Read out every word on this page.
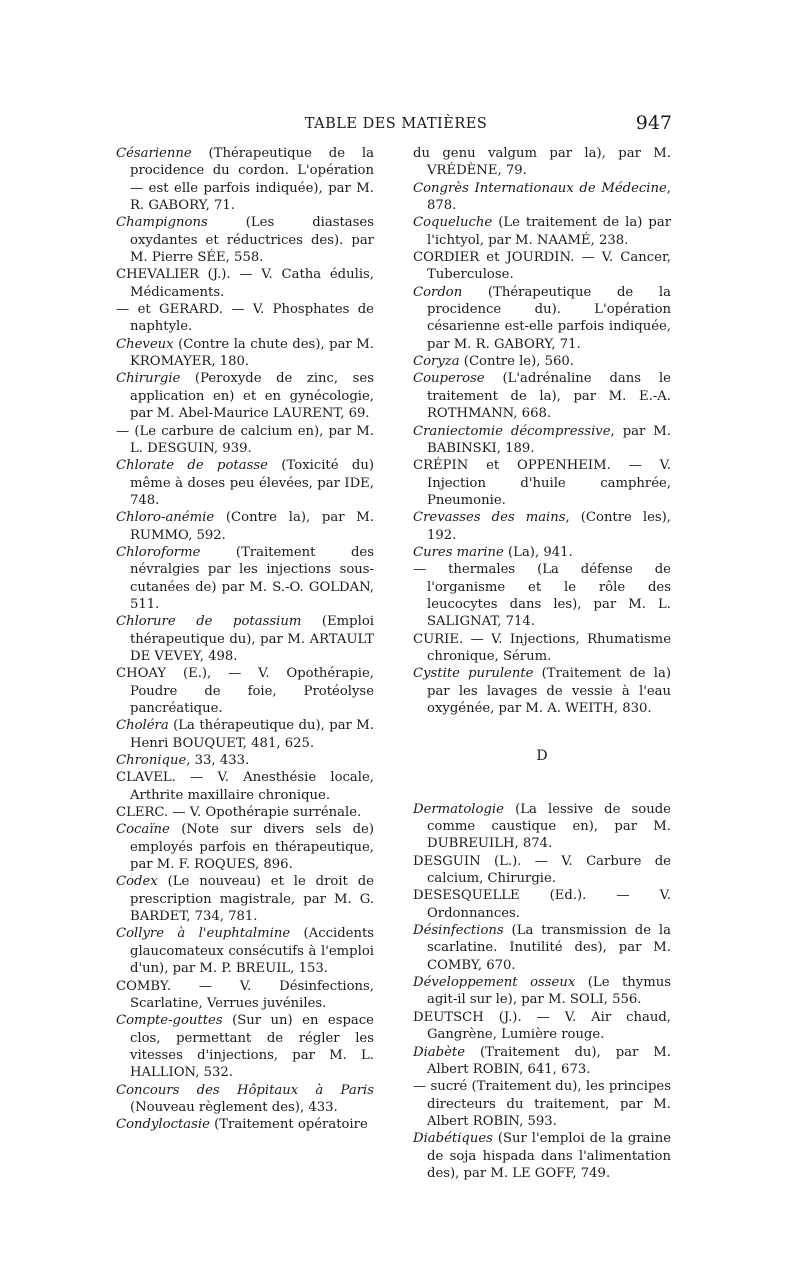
TABLE DES MATIÈRES	947
Césarienne (Thérapeutique de la procidence du cordon. L'opération — est elle parfois indiquée), par M. R. GABORY, 71.
Champignons (Les diastases oxydantes et réductrices des). par M. Pierre SÉE, 558.
CHEVALIER (J.). — V. Catha édulis, Médicaments.
— et GERARD. — V. Phosphates de naphtyle.
Cheveux (Contre la chute des), par M. KROMAYER, 180.
Chirurgie (Peroxyde de zinc, ses application en) et en gynécologie, par M. Abel-Maurice LAURENT, 69.
— (Le carbure de calcium en), par M. L. DESGUIN, 939.
Chlorate de potasse (Toxicité du) même à doses peu élevées, par IDE, 748.
Chloro-anémie (Contre la), par M. RUMMO, 592.
Chloroforme (Traitement des névralgies par les injections sous-cutanées de) par M. S.-O. GOLDAN, 511.
Chlorure de potassium (Emploi thérapeutique du), par M. ARTAULT DE VEVEY, 498.
CHOAY (E.), — V. Opothérapie, Poudre de foie, Protéolyse pancréatique.
Choléra (La thérapeutique du), par M. Henri BOUQUET, 481, 625.
Chronique, 33, 433.
CLAVEL. — V. Anesthésie locale, Arthrite maxillaire chronique.
CLERC. — V. Opothérapie surrénale.
Cocaïne (Note sur divers sels de) employés parfois en thérapeutique, par M. F. ROQUES, 896.
Codex (Le nouveau) et le droit de prescription magistrale, par M. G. BARDET, 734, 781.
Collyre à l'euphtalmine (Accidents glaucomateux consécutifs à l'emploi d'un), par M. P. BREUIL, 153.
COMBY. — V. Désinfections, Scarlatine, Verrues juvéniles.
Compte-gouttes (Sur un) en espace clos, permettant de régler les vitesses d'injections, par M. L. HALLION, 532.
Concours des Hôpitaux à Paris (Nouveau règlement des), 433.
Condyloctasie (Traitement opératoire
du genu valgum par la), par M. VRÉDÈNE, 79.
Congrès Internationaux de Médecine, 878.
Coqueluche (Le traitement de la) par l'ichtyol, par M. NAAMÉ, 238.
CORDIER et JOURDIN. — V. Cancer, Tuberculose.
Cordon (Thérapeutique de la procidence du). L'opération césarienne est-elle parfois indiquée, par M. R. GABORY, 71.
Coryza (Contre le), 560.
Couperose (L'adrénaline dans le traitement de la), par M. E.-A. ROTHMANN, 668.
Craniectomie décompressive, par M. BABINSKI, 189.
CRÉPIN et OPPENHEIM. — V. Injection d'huile camphrée, Pneumonie.
Crevasses des mains, (Contre les), 192.
Cures marine (La), 941.
— thermales (La défense de l'organisme et le rôle des leucocytes dans les), par M. L. SALIGNAT, 714.
CURIE. — V. Injections, Rhumatisme chronique, Sérum.
Cystite purulente (Traitement de la) par les lavages de vessie à l'eau oxygénée, par M. A. WEITH, 830.
D
Dermatologie (La lessive de soude comme caustique en), par M. DUBREUILH, 874.
DESGUIN (L.). — V. Carbure de calcium, Chirurgie.
DESESQUELLE (Ed.). — V. Ordonnances.
Désinfections (La transmission de la scarlatine. Inutilité des), par M. COMBY, 670.
Développement osseux (Le thymus agit-il sur le), par M. SOLI, 556.
DEUTSCH (J.). — V. Air chaud, Gangrène, Lumière rouge.
Diabète (Traitement du), par M. Albert ROBIN, 641, 673.
— sucré (Traitement du), les principes directeurs du traitement, par M. Albert ROBIN, 593.
Diabétiques (Sur l'emploi de la graine de soja hispada dans l'alimentation des), par M. LE GOFF, 749.
